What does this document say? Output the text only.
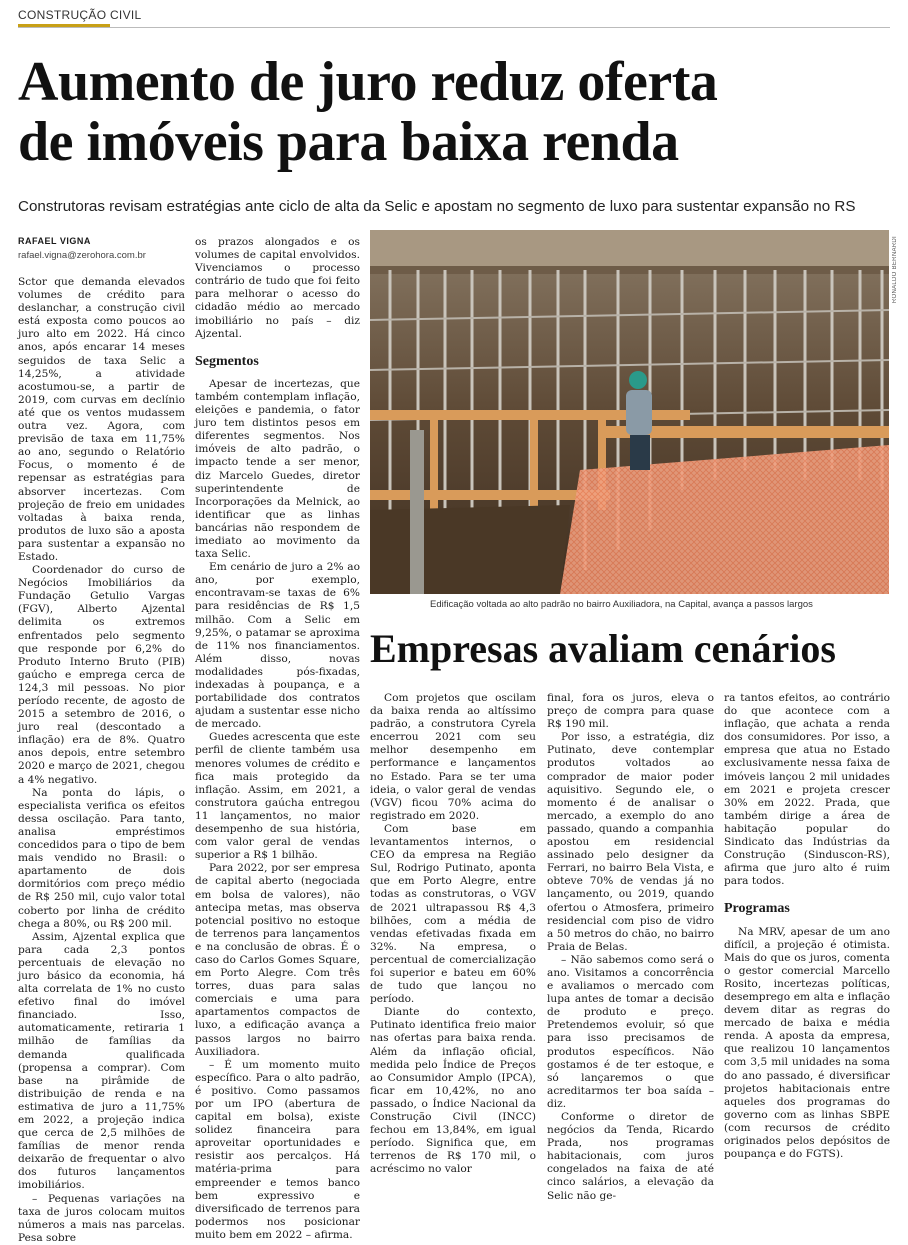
CONSTRUÇÃO CIVIL
Aumento de juro reduz oferta
de imóveis para baixa renda
Construtoras revisam estratégias ante ciclo de alta da Selic e apostam no segmento de luxo para sustentar expansão no RS
RAFAEL VIGNA
rafael.vigna@zerohora.com.br

Sctor que demanda elevados volumes de crédito para deslanchar, a construção civil está exposta como poucos ao juro alto em 2022. Há cinco anos, após encarar 14 meses seguidos de taxa Selic a 14,25%, a atividade acostumou-se, a partir de 2019, com curvas em declínio até que os ventos mudassem outra vez. Agora, com previsão de taxa em 11,75% ao ano, segundo o Relatório Focus, o momento é de repensar as estratégias para absorver incertezas. Com projeção de freio em unidades voltadas à baixa renda, produtos de luxo são a aposta para sustentar a expansão no Estado.

Coordenador do curso de Negócios Imobiliários da Fundação Getulio Vargas (FGV), Alberto Ajzental delimita os extremos enfrentados pelo segmento que responde por 6,2% do Produto Interno Bruto (PIB) gaúcho e emprega cerca de 124,3 mil pessoas. No pior período recente, de agosto de 2015 a setembro de 2016, o juro real (descontado a inflação) era de 8%. Quatro anos depois, entre setembro 2020 e março de 2021, chegou a 4% negativo.

Na ponta do lápis, o especialista verifica os efeitos dessa oscilação. Para tanto, analisa empréstimos concedidos para o tipo de bem mais vendido no Brasil: o apartamento de dois dormitórios com preço médio de R$ 250 mil, cujo valor total coberto por linha de crédito chega a 80%, ou R$ 200 mil.

Assim, Ajzental explica que para cada 2,3 pontos percentuais de elevação no juro básico da economia, há alta correlata de 1% no custo efetivo final do imóvel financiado. Isso, automaticamente, retiraria 1 milhão de famílias da demanda qualificada (propensa a comprar). Com base na pirâmide de distribuição de renda e na estimativa de juro a 11,75% em 2022, a projeção indica que cerca de 2,5 milhões de famílias de menor renda deixarão de frequentar o alvo dos futuros lançamentos imobiliários.

– Pequenas variações na taxa de juros colocam muitos números a mais nas parcelas. Pesa sobre

os prazos alongados e os volumes de capital envolvidos. Vivenciamos o processo contrário de tudo que foi feito para melhorar o acesso do cidadão médio ao mercado imobiliário no país – diz Ajzental.

Segmentos

Apesar de incertezas, que também contemplam inflação, eleições e pandemia, o fator juro tem distintos pesos em diferentes segmentos. Nos imóveis de alto padrão, o impacto tende a ser menor, diz Marcelo Guedes, diretor superintendente de Incorporações da Melnick, ao identificar que as linhas bancárias não respondem de imediato ao movimento da taxa Selic.

Em cenário de juro a 2% ao ano, por exemplo, encontravam-se taxas de 6% para residências de R$ 1,5 milhão. Com a Selic em 9,25%, o patamar se aproxima de 11% nos financiamentos. Além disso, novas modalidades pós-fixadas, indexadas à poupança, e a portabilidade dos contratos ajudam a sustentar esse nicho de mercado.

Guedes acrescenta que este perfil de cliente também usa menores volumes de crédito e fica mais protegido da inflação. Assim, em 2021, a construtora gaúcha entregou 11 lançamentos, no maior desempenho de sua história, com valor geral de vendas superior a R$ 1 bilhão.

Para 2022, por ser empresa de capital aberto (negociada em bolsa de valores), não antecipa metas, mas observa potencial positivo no estoque de terrenos para lançamentos e na conclusão de obras. É o caso do Carlos Gomes Square, em Porto Alegre. Com três torres, duas para salas comerciais e uma para apartamentos compactos de luxo, a edificação avança a passos largos no bairro Auxiliadora.

– É um momento muito específico. Para o alto padrão, é positivo. Como passamos por um IPO (abertura de capital em bolsa), existe solidez financeira para aproveitar oportunidades e resistir aos percalços. Há matéria-prima para empreender e temos banco bem expressivo e diversificado de terrenos para podermos nos posicionar muito bem em 2022 – afirma.

RONALDO BERNARDI
Edificação voltada ao alto padrão no bairro Auxiliadora, na Capital, avança a passos largos
Empresas avaliam cenários

Com projetos que oscilam da baixa renda ao altíssimo padrão, a construtora Cyrela encerrou 2021 com seu melhor desempenho em performance e lançamentos no Estado. Para se ter uma ideia, o valor geral de vendas (VGV) ficou 70% acima do registrado em 2020.

Com base em levantamentos internos, o CEO da empresa na Região Sul, Rodrigo Putinato, aponta que em Porto Alegre, entre todas as construtoras, o VGV de 2021 ultrapassou R$ 4,3 bilhões, com a média de vendas efetivadas fixada em 32%. Na empresa, o percentual de comercialização foi superior e bateu em 60% de tudo que lançou no período.

Diante do contexto, Putinato identifica freio maior nas ofertas para baixa renda. Além da inflação oficial, medida pelo Índice de Preços ao Consumidor Amplo (IPCA), ficar em 10,42%, no ano passado, o Índice Nacional da Construção Civil (INCC) fechou em 13,84%, em igual período. Significa que, em terrenos de R$ 170 mil, o acréscimo no valor

final, fora os juros, eleva o preço de compra para quase R$ 190 mil.

Por isso, a estratégia, diz Putinato, deve contemplar produtos voltados ao comprador de maior poder aquisitivo. Segundo ele, o momento é de analisar o mercado, a exemplo do ano passado, quando a companhia apostou em residencial assinado pelo designer da Ferrari, no bairro Bela Vista, e obteve 70% de vendas já no lançamento, ou 2019, quando ofertou o Atmosfera, primeiro residencial com piso de vidro a 50 metros do chão, no bairro Praia de Belas.

– Não sabemos como será o ano. Visitamos a concorrência e avaliamos o mercado com lupa antes de tomar a decisão de produto e preço. Pretendemos evoluir, só que para isso precisamos de produtos específicos. Não gostamos é de ter estoque, e só lançaremos o que acreditarmos ter boa saída – diz.

Conforme o diretor de negócios da Tenda, Ricardo Prada, nos programas habitacionais, com juros congelados na faixa de até cinco salários, a elevação da Selic não ge-

ra tantos efeitos, ao contrário do que acontece com a inflação, que achata a renda dos consumidores. Por isso, a empresa que atua no Estado exclusivamente nessa faixa de imóveis lançou 2 mil unidades em 2021 e projeta crescer 30% em 2022. Prada, que também dirige a área de habitação popular do Sindicato das Indústrias da Construção (Sinduscon-RS), afirma que juro alto é ruim para todos.

Programas

Na MRV, apesar de um ano difícil, a projeção é otimista. Mais do que os juros, comenta o gestor comercial Marcello Rosito, incertezas políticas, desemprego em alta e inflação devem ditar as regras do mercado de baixa e média renda. A aposta da empresa, que realizou 10 lançamentos com 3,5 mil unidades na soma do ano passado, é diversificar projetos habitacionais entre aqueles dos programas do governo com as linhas SBPE (com recursos de crédito originados pelos depósitos de poupança e do FGTS).
